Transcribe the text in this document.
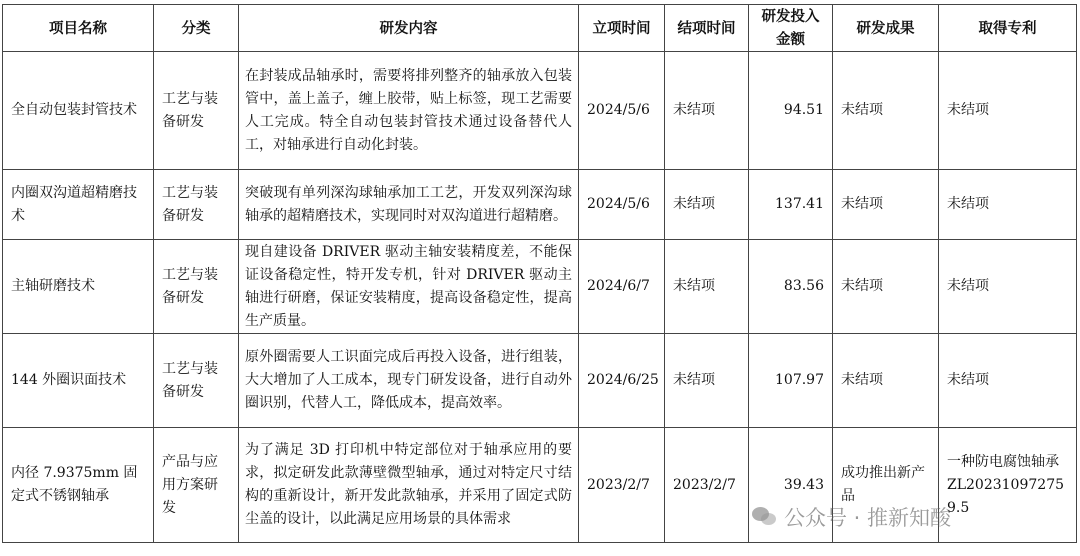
项目名称	分类	研发内容	立项时间	结项时间	研发投入金额	研发成果	取得专利
全自动包装封管技术	工艺与装备研发	在封装成品轴承时，需要将排列整齐的轴承放入包装管中，盖上盖子，缠上胶带，贴上标签，现工艺需要人工完成。特全自动包装封管技术通过设备替代人工，对轴承进行自动化封装。	2024/5/6	未结项	94.51	未结项	未结项
内圈双沟道超精磨技术	工艺与装备研发	突破现有单列深沟球轴承加工工艺，开发双列深沟球轴承的超精磨技术，实现同时对双沟道进行超精磨。	2024/5/6	未结项	137.41	未结项	未结项
主轴研磨技术	工艺与装备研发	现自建设备 DRIVER 驱动主轴安装精度差，不能保证设备稳定性，特开发专机，针对 DRIVER 驱动主轴进行研磨，保证安装精度，提高设备稳定性，提高生产质量。	2024/6/7	未结项	83.56	未结项	未结项
144 外圈识面技术	工艺与装备研发	原外圈需要人工识面完成后再投入设备，进行组装，大大增加了人工成本，现专门研发设备，进行自动外圈识别，代替人工，降低成本，提高效率。	2024/6/25	未结项	107.97	未结项	未结项
内径 7.9375mm 固定式不锈钢轴承	产品与应用方案研发	为了满足 3D 打印机中特定部位对于轴承应用的要求，拟定研发此款薄壁微型轴承，通过对特定尺寸结构的重新设计，新开发此款轴承，并采用了固定式防尘盖的设计，以此满足应用场景的具体需求	2023/2/7	2023/2/7	39.43	成功推出新产品	一种防电腐蚀轴承 ZL202310972759.5
公众号 · 推新知酸
